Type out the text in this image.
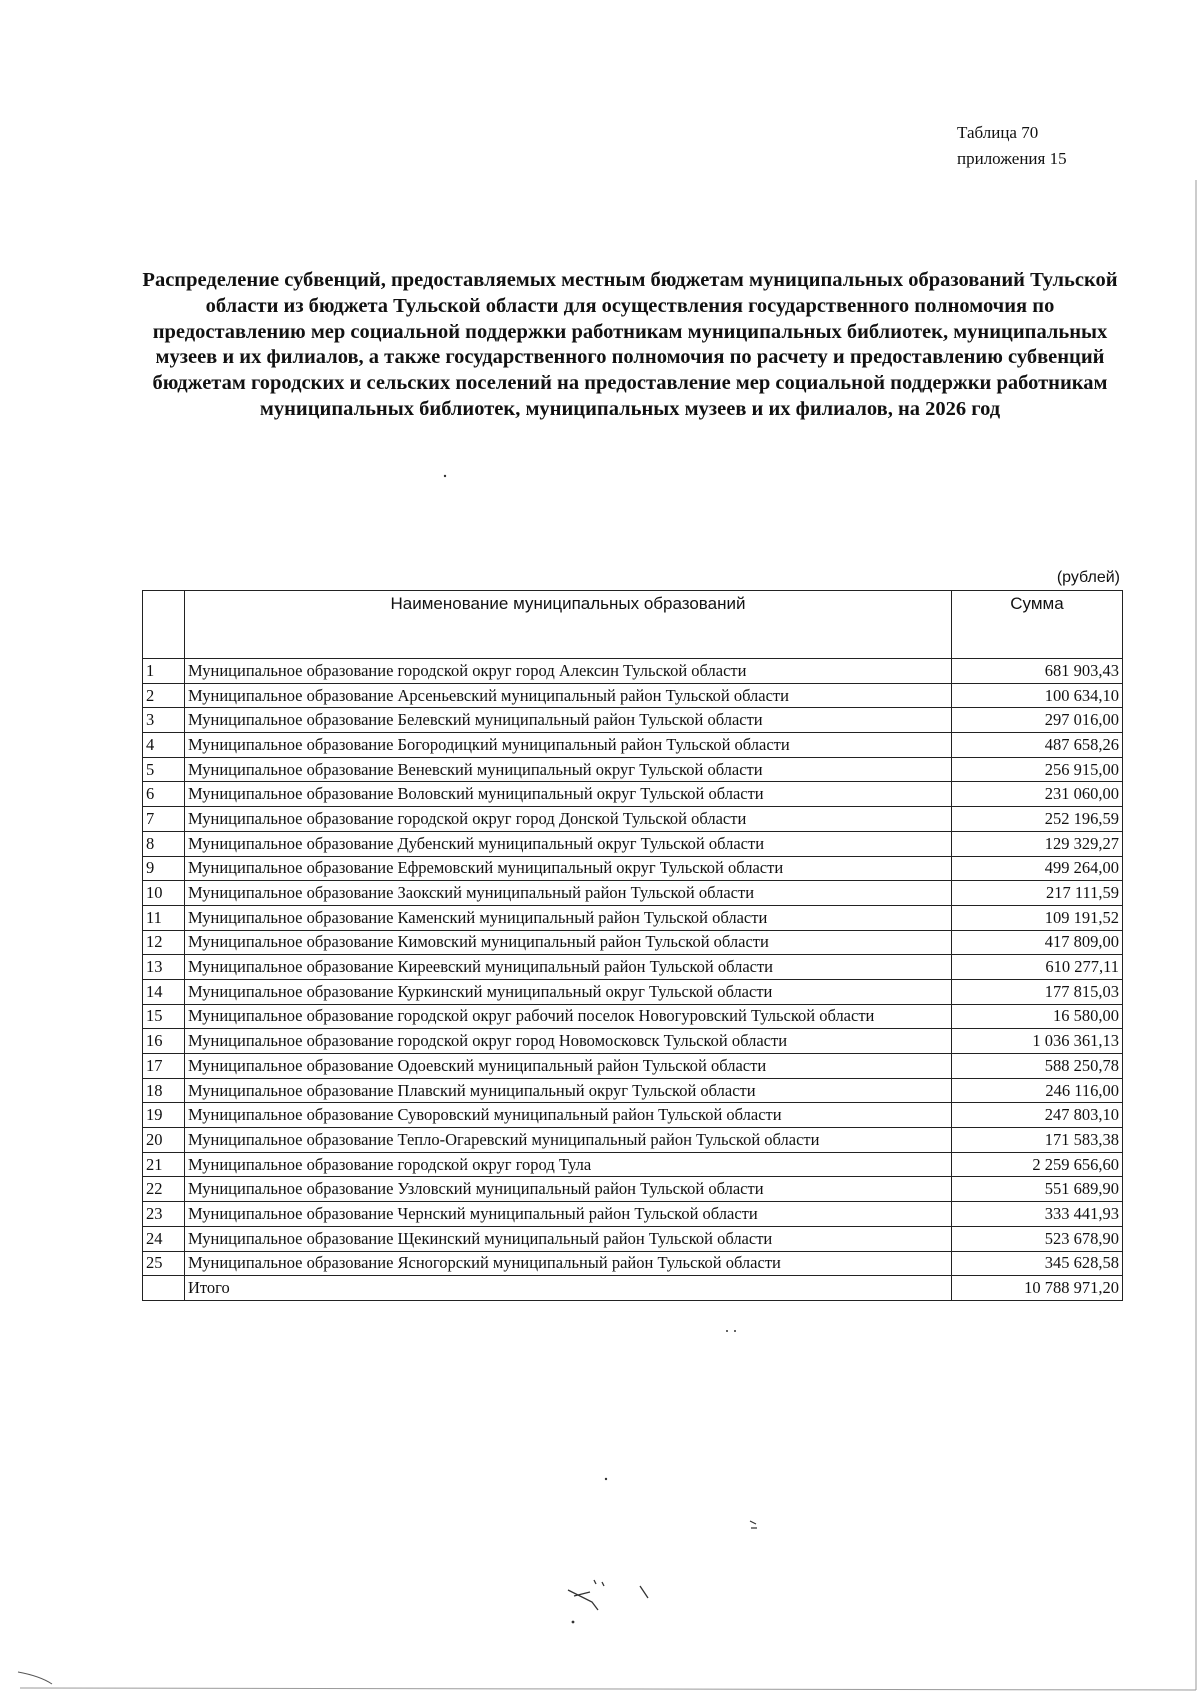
Таблица 70
приложения 15
Распределение субвенций, предоставляемых местным бюджетам муниципальных образований Тульской области из бюджета Тульской области для осуществления государственного полномочия по предоставлению мер социальной поддержки работникам муниципальных библиотек, муниципальных музеев и их филиалов, а также государственного полномочия по расчету и предоставлению субвенций бюджетам городских и сельских поселений на предоставление мер социальной поддержки работникам муниципальных библиотек, муниципальных музеев и их филиалов, на 2026 год
(рублей)
	Наименование муниципальных образований	Сумма
1	Муниципальное образование городской округ город Алексин Тульской области	681 903,43
2	Муниципальное образование Арсеньевский муниципальный район Тульской области	100 634,10
3	Муниципальное образование Белевский муниципальный район Тульской области	297 016,00
4	Муниципальное образование Богородицкий муниципальный район Тульской области	487 658,26
5	Муниципальное образование Веневский муниципальный округ Тульской области	256 915,00
6	Муниципальное образование Воловский муниципальный округ Тульской области	231 060,00
7	Муниципальное образование городской округ город Донской Тульской области	252 196,59
8	Муниципальное образование Дубенский муниципальный округ Тульской области	129 329,27
9	Муниципальное образование Ефремовский муниципальный округ Тульской области	499 264,00
10	Муниципальное образование Заокский муниципальный район Тульской области	217 111,59
11	Муниципальное образование Каменский муниципальный район Тульской области	109 191,52
12	Муниципальное образование Кимовский муниципальный район Тульской области	417 809,00
13	Муниципальное образование Киреевский муниципальный район Тульской области	610 277,11
14	Муниципальное образование Куркинский муниципальный округ Тульской области	177 815,03
15	Муниципальное образование городской округ рабочий поселок Новогуровский Тульской области	16 580,00
16	Муниципальное образование городской округ город Новомосковск Тульской области	1 036 361,13
17	Муниципальное образование Одоевский муниципальный район Тульской области	588 250,78
18	Муниципальное образование Плавский муниципальный округ Тульской области	246 116,00
19	Муниципальное образование Суворовский муниципальный район Тульской области	247 803,10
20	Муниципальное образование Тепло-Огаревский муниципальный район Тульской области	171 583,38
21	Муниципальное образование городской округ город Тула	2 259 656,60
22	Муниципальное образование Узловский муниципальный район Тульской области	551 689,90
23	Муниципальное образование Чернский муниципальный район Тульской области	333 441,93
24	Муниципальное образование Щекинский муниципальный район Тульской области	523 678,90
25	Муниципальное образование Ясногорский муниципальный район Тульской области	345 628,58
	Итого	10 788 971,20
